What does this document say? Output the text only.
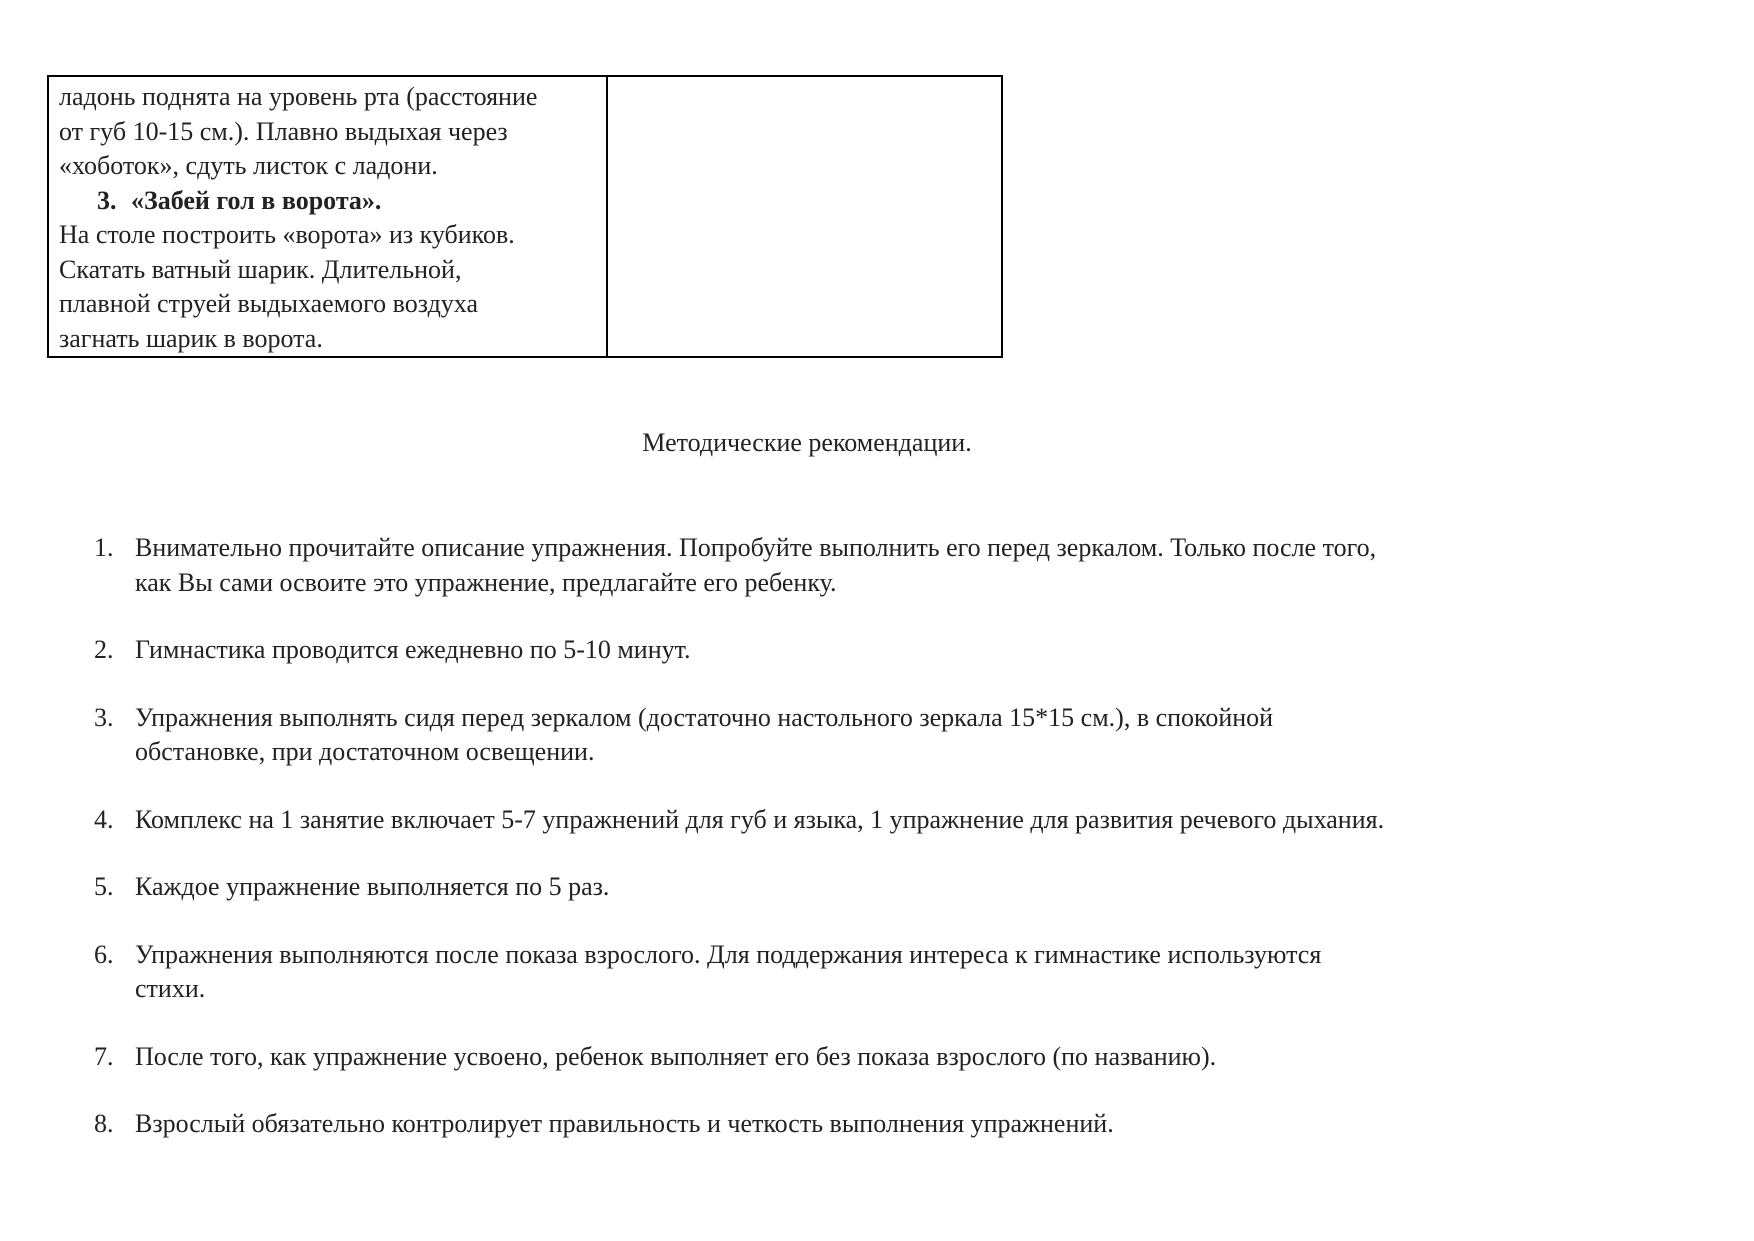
ладонь поднята на уровень рта (расстояние
от губ 10-15 см.). Плавно выдыхая через
«хоботок», сдуть листок с ладони.
3. «Забей гол в ворота».
На столе построить «ворота» из кубиков.
Скатать ватный шарик. Длительной,
плавной струей выдыхаемого воздуха
загнать шарик в ворота.

Методические рекомендации.
1. Внимательно прочитайте описание упражнения. Попробуйте выполнить его перед зеркалом. Только после того,
как Вы сами освоите это упражнение, предлагайте его ребенку.
2. Гимнастика проводится ежедневно по 5-10 минут.
3. Упражнения выполнять сидя перед зеркалом (достаточно настольного зеркала 15*15 см.), в спокойной
обстановке, при достаточном освещении.
4. Комплекс на 1 занятие включает 5-7 упражнений для губ и языка, 1 упражнение для развития речевого дыхания.
5. Каждое упражнение выполняется по 5 раз.
6. Упражнения выполняются после показа взрослого. Для поддержания интереса к гимнастике используются
стихи.
7. После того, как упражнение усвоено, ребенок выполняет его без показа взрослого (по названию).
8. Взрослый обязательно контролирует правильность и четкость выполнения упражнений.
